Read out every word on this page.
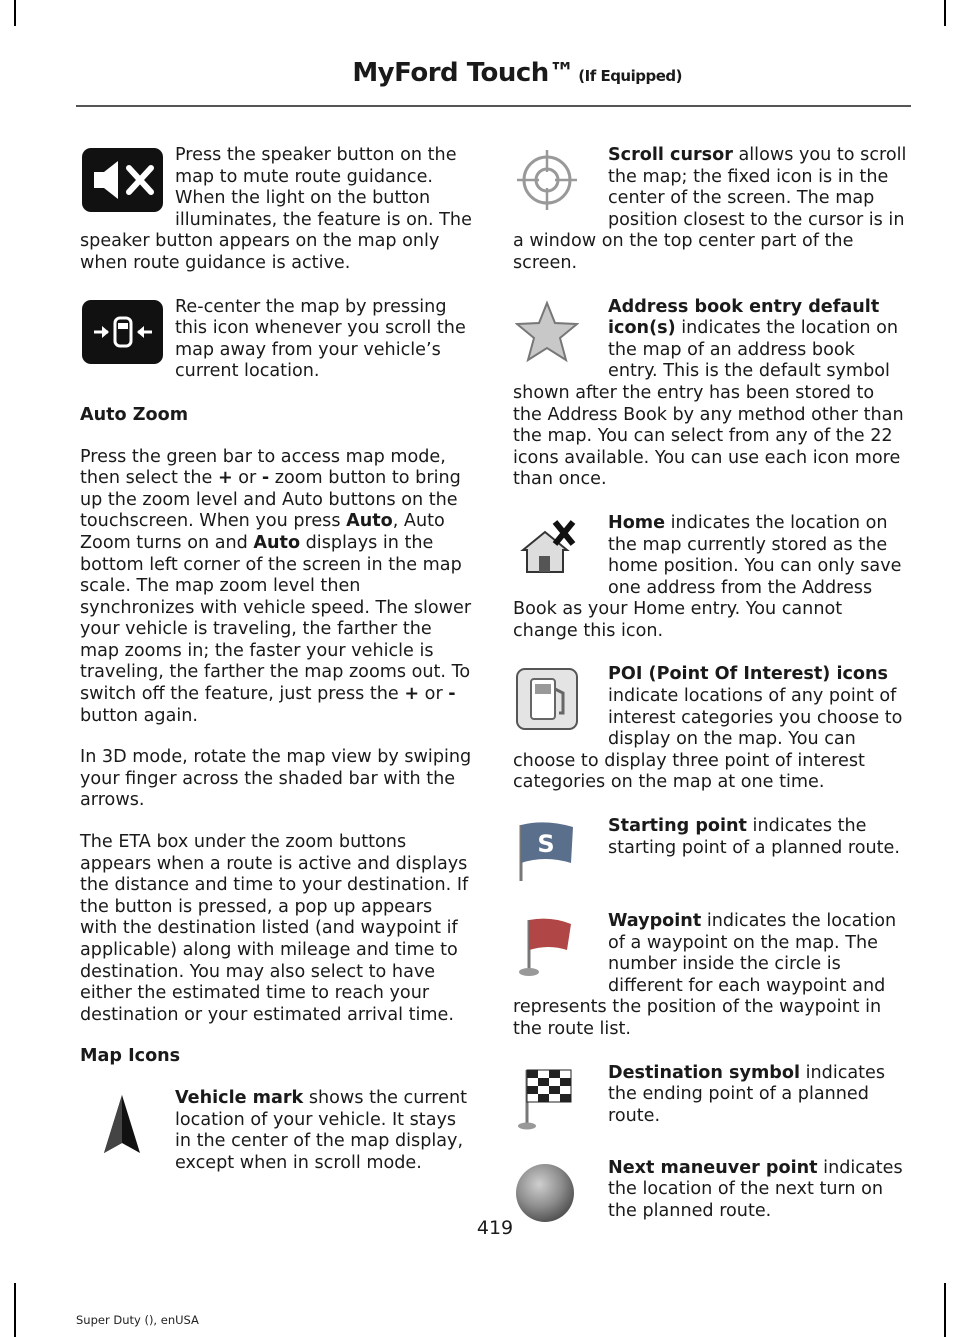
MyFord Touch™ (If Equipped)
Press the speaker button on the map to mute route guidance. When the light on the button illuminates, the feature is on. The speaker button appears on the map only when route guidance is active.
Re-center the map by pressing this icon whenever you scroll the map away from your vehicle’s current location.
Auto Zoom

Press the green bar to access map mode, then select the + or - zoom button to bring up the zoom level and Auto buttons on the touchscreen. When you press Auto, Auto Zoom turns on and Auto displays in the bottom left corner of the screen in the map scale. The map zoom level then synchronizes with vehicle speed. The slower your vehicle is traveling, the farther the map zooms in; the faster your vehicle is traveling, the farther the map zooms out. To switch off the feature, just press the + or - button again.

In 3D mode, rotate the map view by swiping your finger across the shaded bar with the arrows.

The ETA box under the zoom buttons appears when a route is active and displays the distance and time to your destination. If the button is pressed, a pop up appears with the destination listed (and waypoint if applicable) along with mileage and time to destination. You may also select to have either the estimated time to reach your destination or your estimated arrival time.

Map Icons
Vehicle mark shows the current location of your vehicle. It stays in the center of the map display, except when in scroll mode.
Scroll cursor allows you to scroll the map; the fixed icon is in the center of the screen. The map position closest to the cursor is in a window on the top center part of the screen.
Address book entry default icon(s) indicates the location on the map of an address book entry. This is the default symbol shown after the entry has been stored to the Address Book by any method other than the map. You can select from any of the 22 icons available. You can use each icon more than once.
Home indicates the location on the map currently stored as the home position. You can only save one address from the Address Book as your Home entry. You cannot change this icon.
POI (Point Of Interest) icons indicate locations of any point of interest categories you choose to display on the map. You can choose to display three point of interest categories on the map at one time.
S
Starting point indicates the starting point of a planned route.
Waypoint indicates the location of a waypoint on the map. The number inside the circle is different for each waypoint and represents the position of the waypoint in the route list.
Destination symbol indicates the ending point of a planned route.
Next maneuver point indicates the location of the next turn on the planned route.
419
Super Duty (), enUSA
